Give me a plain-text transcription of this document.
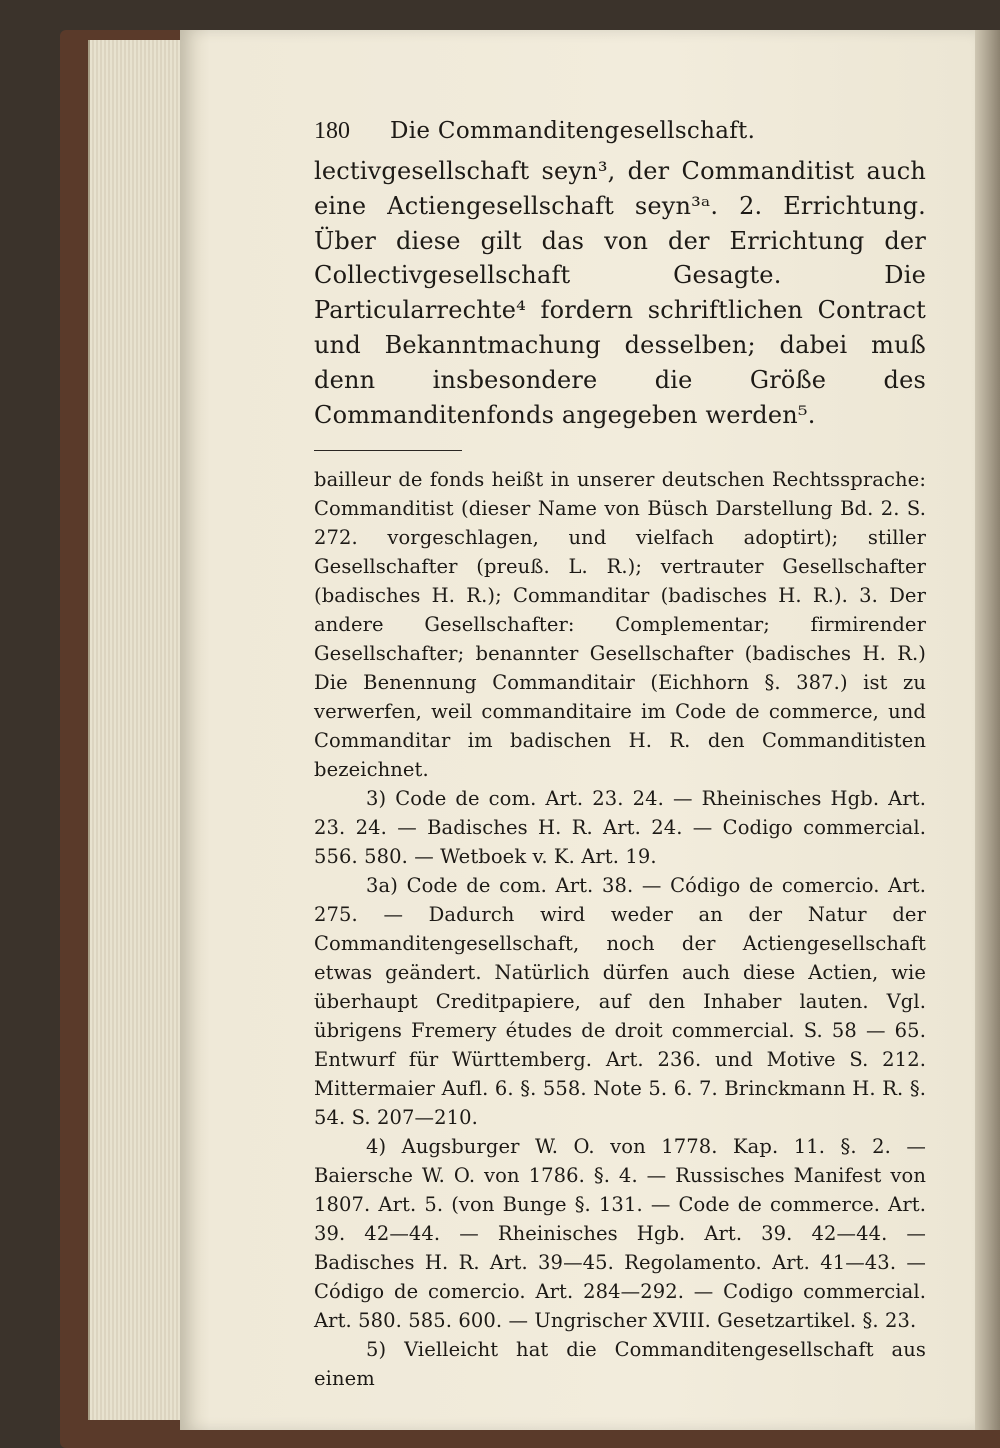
180	Die Commanditengesellschaft.

lectivgesellschaft seyn³, der Commanditist auch eine Actiengesellschaft seyn³ᵃ. 2. Errichtung. Über diese gilt das von der Errichtung der Collectivgesellschaft Gesagte. Die Particularrechte⁴ fordern schriftlichen Contract und Bekanntmachung desselben; dabei muß denn insbesondere die Größe des Commanditenfonds angegeben werden⁵.

bailleur de fonds heißt in unserer deutschen Rechtssprache: Commanditist (dieser Name von Büsch Darstellung Bd. 2. S. 272. vorgeschlagen, und vielfach adoptirt); stiller Gesellschafter (preuß. L. R.); vertrauter Gesellschafter (badisches H. R.); Commanditar (badisches H. R.). 3. Der andere Gesellschafter: Complementar; firmirender Gesellschafter; benannter Gesellschafter (badisches H. R.) Die Benennung Commanditair (Eichhorn §. 387.) ist zu verwerfen, weil commanditaire im Code de commerce, und Commanditar im badischen H. R. den Commanditisten bezeichnet.

3) Code de com. Art. 23. 24. — Rheinisches Hgb. Art. 23. 24. — Badisches H. R. Art. 24. — Codigo commercial. 556. 580. — Wetboek v. K. Art. 19.

3a) Code de com. Art. 38. — Código de comercio. Art. 275. — Dadurch wird weder an der Natur der Commanditengesellschaft, noch der Actiengesellschaft etwas geändert. Natürlich dürfen auch diese Actien, wie überhaupt Creditpapiere, auf den Inhaber lauten. Vgl. übrigens Fremery études de droit commercial. S. 58 — 65. Entwurf für Württemberg. Art. 236. und Motive S. 212. Mittermaier Aufl. 6. §. 558. Note 5. 6. 7. Brinckmann H. R. §. 54. S. 207—210.

4) Augsburger W. O. von 1778. Kap. 11. §. 2. — Baiersche W. O. von 1786. §. 4. — Russisches Manifest von 1807. Art. 5. (von Bunge §. 131. — Code de commerce. Art. 39. 42—44. — Rheinisches Hgb. Art. 39. 42—44. — Badisches H. R. Art. 39—45. Regolamento. Art. 41—43. — Código de comercio. Art. 284—292. — Codigo commercial. Art. 580. 585. 600. — Ungrischer XVIII. Gesetzartikel. §. 23.

5) Vielleicht hat die Commanditengesellschaft aus einem
